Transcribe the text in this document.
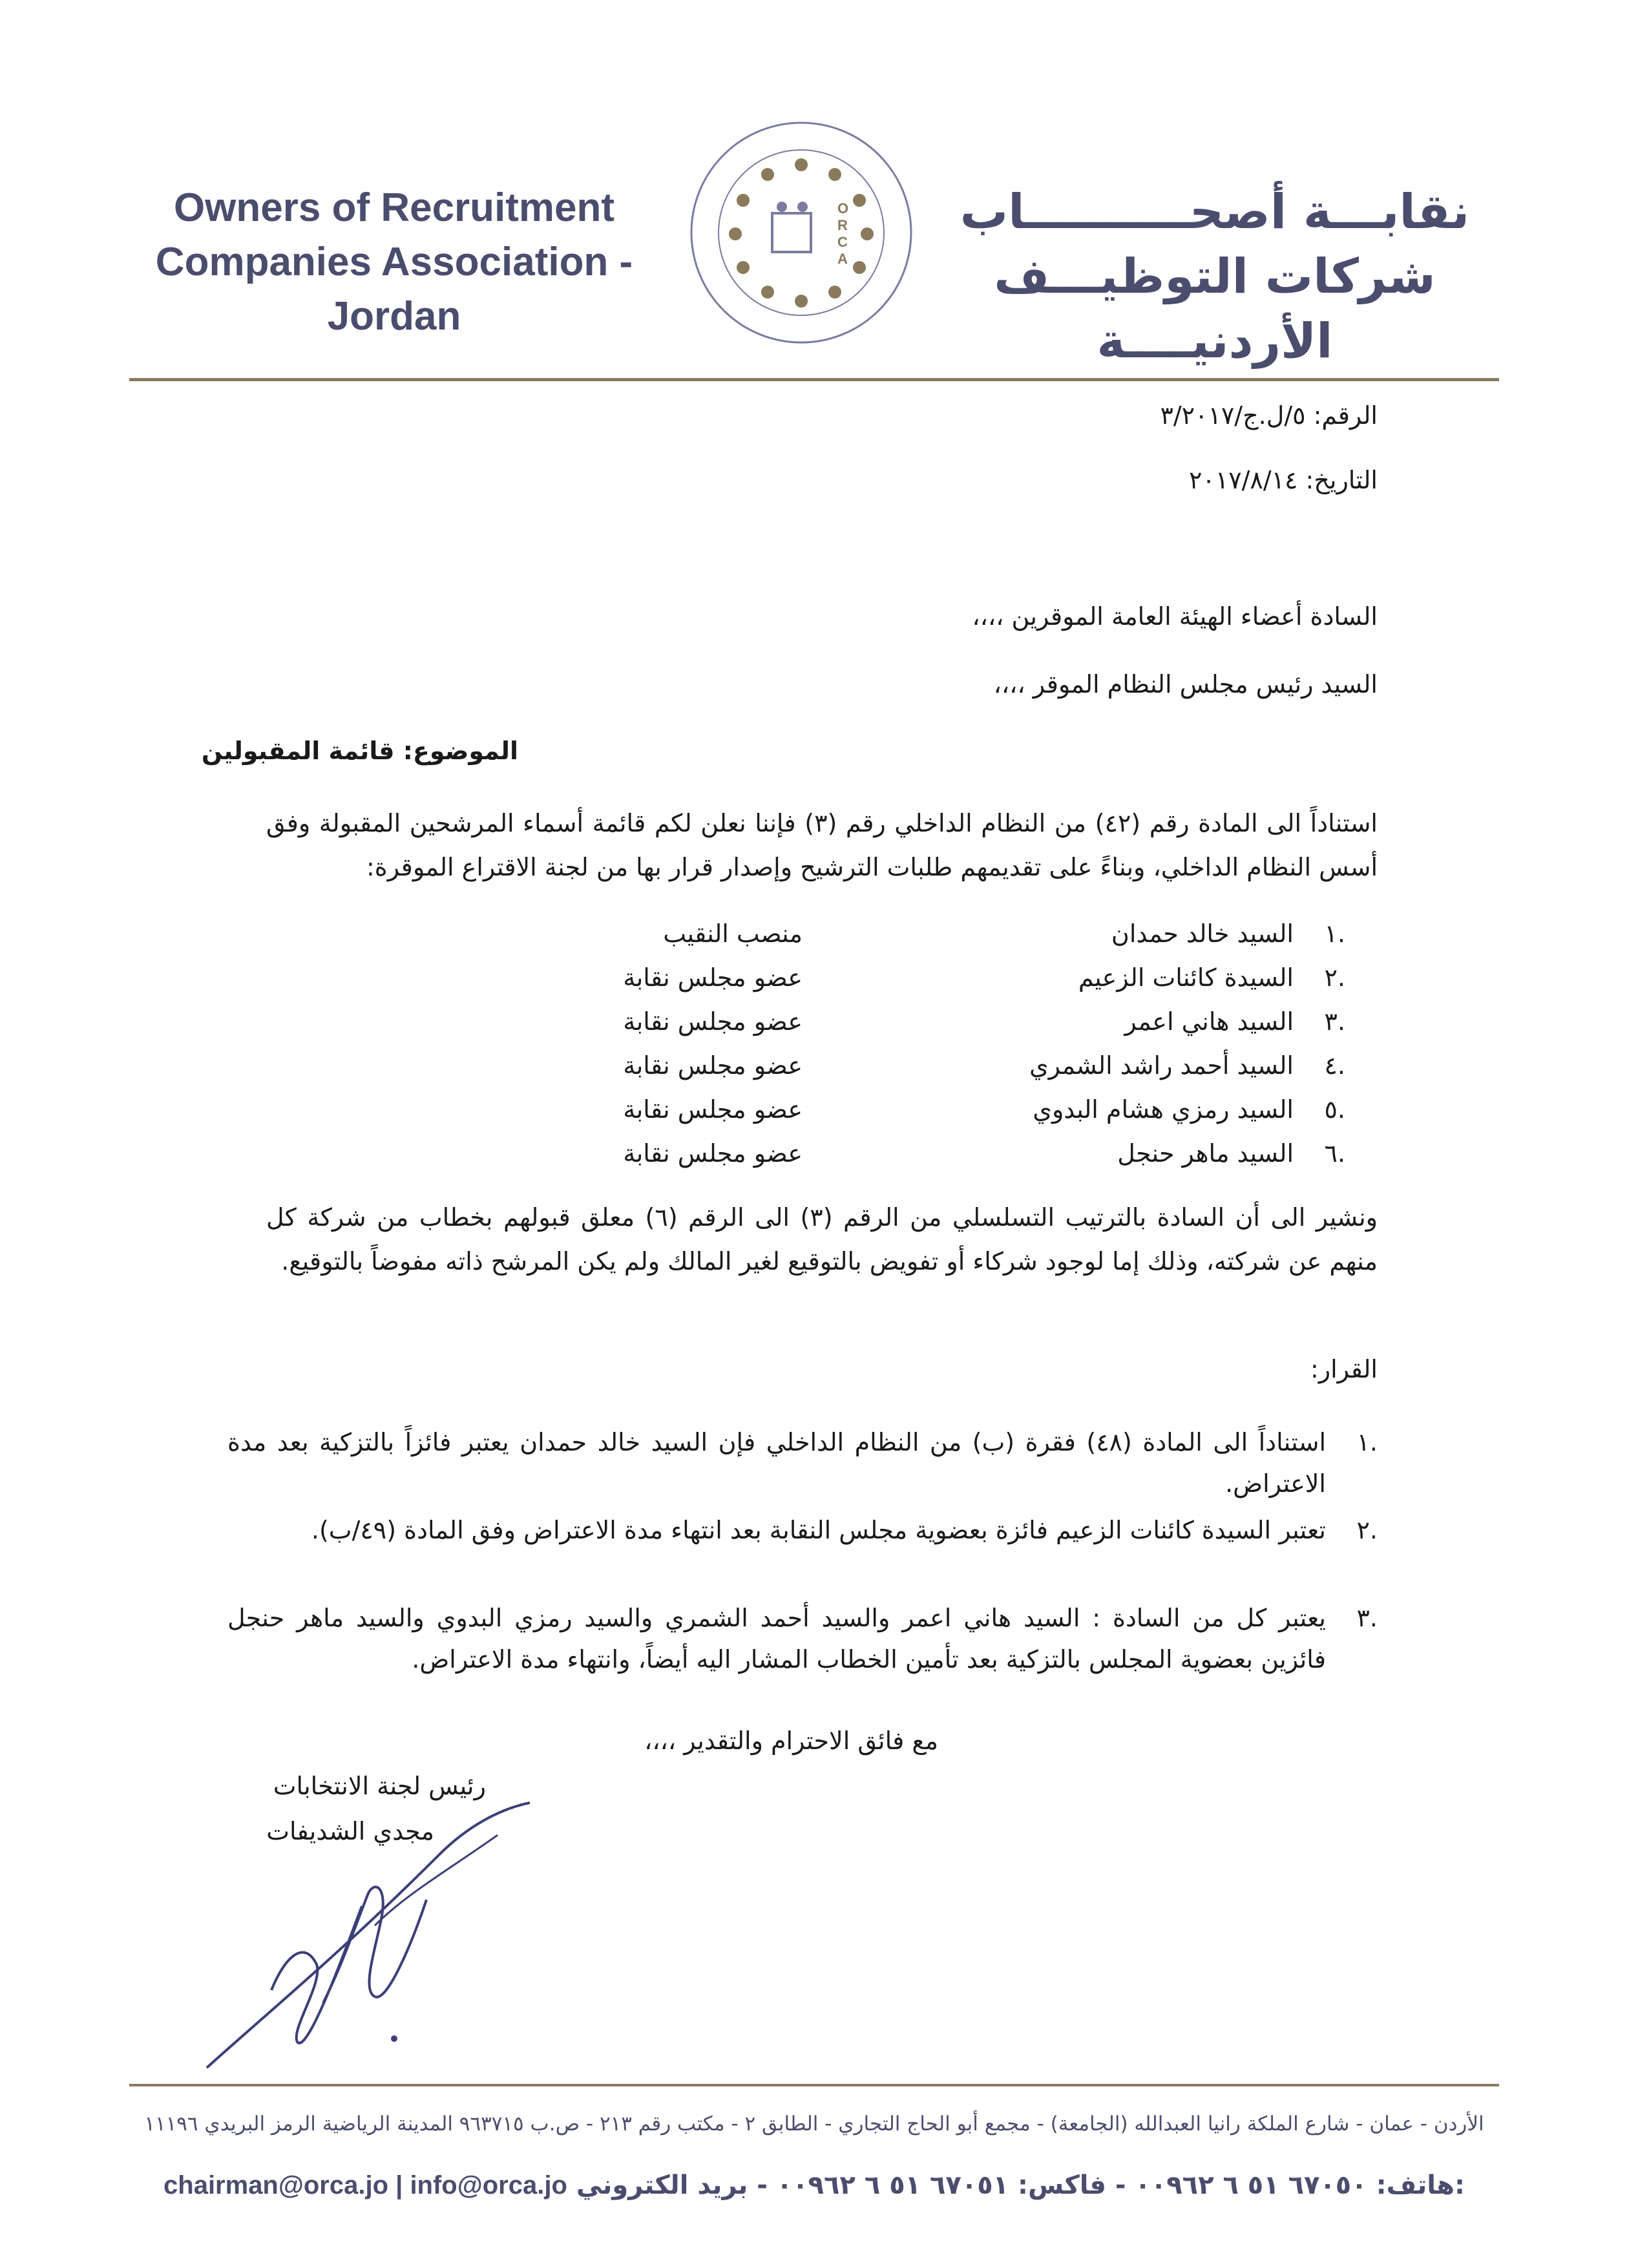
Owners of Recruitment
Companies Association - Jordan
O
R
C
A
نقابـــة أصحــــــــــاب
شركات التوظيـــف الأردنيــــة
الرقم: ٥/ل.ج/٣/٢٠١٧
التاريخ: ٢٠١٧/٨/١٤
السادة أعضاء الهيئة العامة الموقرين ،،،،
السيد رئيس مجلس النظام الموقر ،،،،
الموضوع: قائمة المقبولين
استناداً الى المادة رقم (٤٢) من النظام الداخلي رقم (٣) فإننا نعلن لكم قائمة أسماء المرشحين المقبولة وفق أسس النظام الداخلي، وبناءً على تقديمهم طلبات الترشيح وإصدار قرار بها من لجنة الاقتراع الموقرة:
.١
السيد خالد حمدان
منصب النقيب
.٢
السيدة كائنات الزعيم
عضو مجلس نقابة
.٣
السيد هاني اعمر
عضو مجلس نقابة
.٤
السيد أحمد راشد الشمري
عضو مجلس نقابة
.٥
السيد رمزي هشام البدوي
عضو مجلس نقابة
.٦
السيد ماهر حنجل
عضو مجلس نقابة
ونشير الى أن السادة بالترتيب التسلسلي من الرقم (٣) الى الرقم (٦) معلق قبولهم بخطاب من شركة كل منهم عن شركته، وذلك إما لوجود شركاء أو تفويض بالتوقيع لغير المالك ولم يكن المرشح ذاته مفوضاً بالتوقيع.
القرار:
.١
استناداً الى المادة (٤٨) فقرة (ب) من النظام الداخلي فإن السيد خالد حمدان يعتبر فائزاً بالتزكية بعد مدة الاعتراض.
.٢
تعتبر السيدة كائنات الزعيم فائزة بعضوية مجلس النقابة بعد انتهاء مدة الاعتراض وفق المادة (٤٩/ب).
.٣
يعتبر كل من السادة : السيد هاني اعمر والسيد أحمد الشمري والسيد رمزي البدوي والسيد ماهر حنجل فائزين بعضوية المجلس بالتزكية بعد تأمين الخطاب المشار اليه أيضاً، وانتهاء مدة الاعتراض.
مع فائق الاحترام والتقدير ،،،،
رئيس لجنة الانتخابات
مجدي الشديفات
الأردن - عمان - شارع الملكة رانيا العبدالله (الجامعة) - مجمع أبو الحاج التجاري - الطابق ٢ - مكتب رقم ٢١٣ - ص.ب ٩٦٣٧١٥ المدينة الرياضية الرمز البريدي ١١١٩٦
chairman@orca.jo | info@orca.jo هاتف: ٦٧٠٥٠ ٥١ ٦ ٠٠٩٦٢ - فاكس: ٦٧٠٥١ ٥١ ٦ ٠٠٩٦٢ - بريد الكتروني:
